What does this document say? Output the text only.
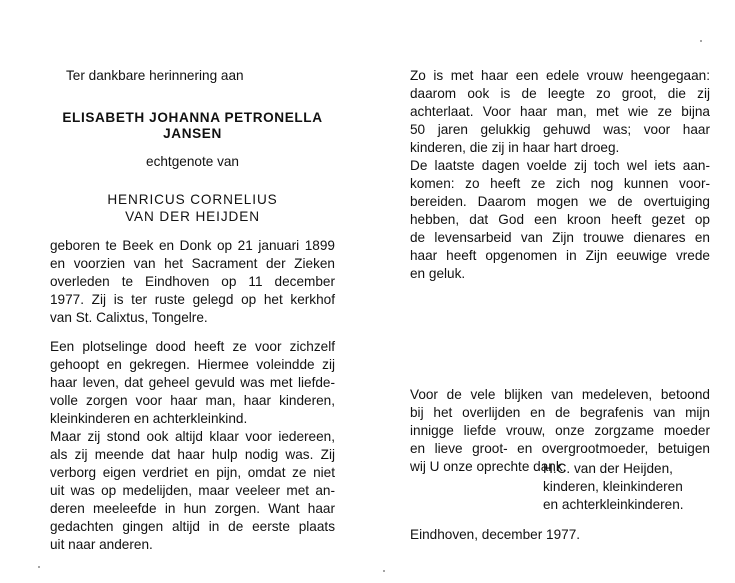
Ter dankbare herinnering aan
ELISABETH JOHANNA PETRONELLA
JANSEN
echtgenote van
HENRICUS CORNELIUS
VAN DER HEIJDEN
geboren te Beek en Donk op 21 januari 1899
en voorzien van het Sacrament der Zieken
overleden te Eindhoven op 11 december
1977. Zij is ter ruste gelegd op het kerkhof
van St. Calixtus, Tongelre.
Een plotselinge dood heeft ze voor zichzelf
gehoopt en gekregen. Hiermee voleindde zij
haar leven, dat geheel gevuld was met liefde-
volle zorgen voor haar man, haar kinderen,
kleinkinderen en achterkleinkind.
Maar zij stond ook altijd klaar voor iedereen,
als zij meende dat haar hulp nodig was. Zij
verborg eigen verdriet en pijn, omdat ze niet
uit was op medelijden, maar veeleer met an-
deren meeleefde in hun zorgen. Want haar
gedachten gingen altijd in de eerste plaats
uit naar anderen.
Zo is met haar een edele vrouw heengegaan:
daarom ook is de leegte zo groot, die zij
achterlaat. Voor haar man, met wie ze bijna
50 jaren gelukkig gehuwd was; voor haar
kinderen, die zij in haar hart droeg.
De laatste dagen voelde zij toch wel iets aan-
komen: zo heeft ze zich nog kunnen voor-
bereiden. Daarom mogen we de overtuiging
hebben, dat God een kroon heeft gezet op
de levensarbeid van Zijn trouwe dienares en
haar heeft opgenomen in Zijn eeuwige vrede
en geluk.
Voor de vele blijken van medeleven, betoond
bij het overlijden en de begrafenis van mijn
innigge liefde vrouw, onze zorgzame moeder
en lieve groot- en overgrootmoeder, betuigen
wij U onze oprechte dank.
H.C. van der Heijden,
kinderen, kleinkinderen
en achterkleinkinderen.
Eindhoven, december 1977.
